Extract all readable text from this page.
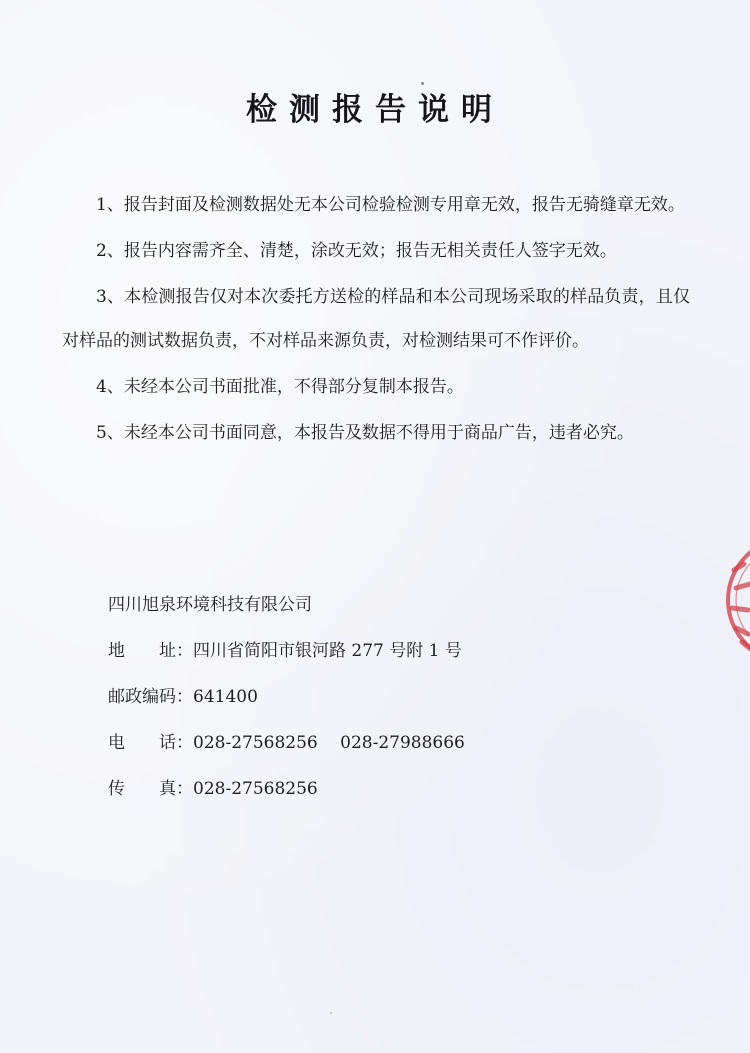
检测报告说明

1、报告封面及检测数据处无本公司检验检测专用章无效，报告无骑缝章无效。

2、报告内容需齐全、清楚，涂改无效；报告无相关责任人签字无效。

3、本检测报告仅对本次委托方送检的样品和本公司现场采取的样品负责，且仅对样品的测试数据负责，不对样品来源负责，对检测结果可不作评价。

4、未经本公司书面批准，不得部分复制本报告。

5、未经本公司书面同意，本报告及数据不得用于商品广告，违者必究。

四川旭泉环境科技有限公司
地　　址：四川省简阳市银河路 277 号附 1 号
邮政编码：641400
电　　话：028-27568256　 028-27988666
传　　真：028-27568256
